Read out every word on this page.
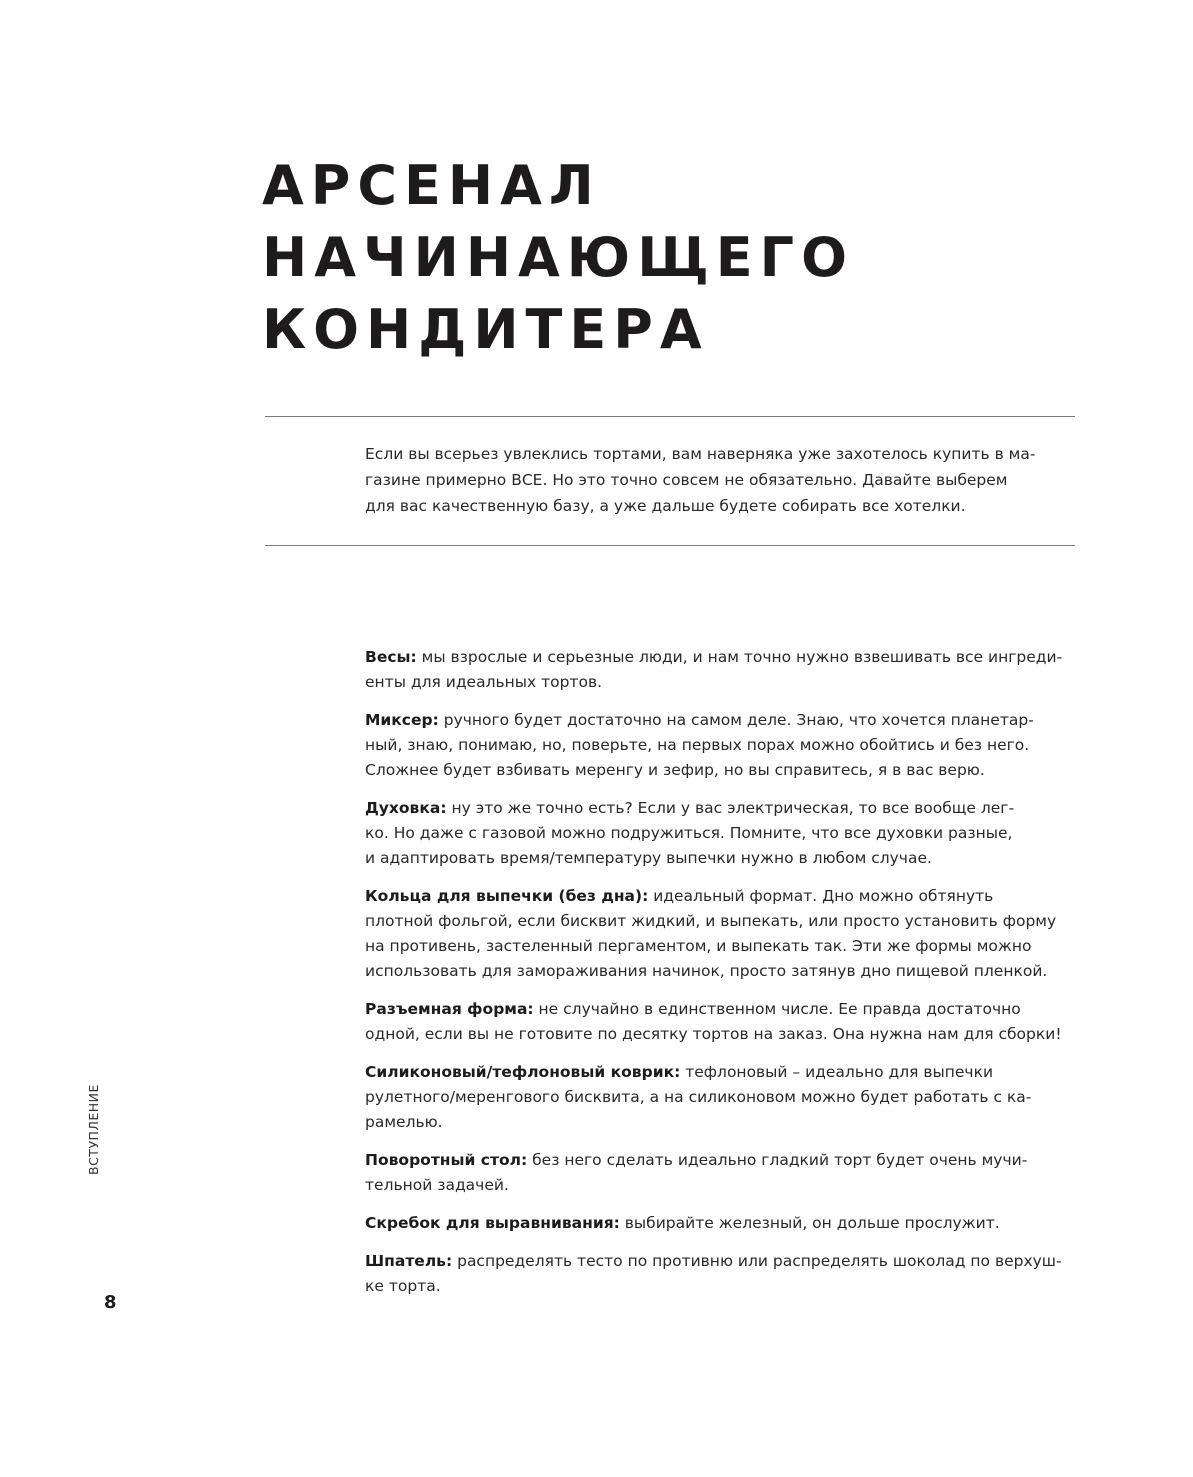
АРСЕНАЛ
НАЧИНАЮЩЕГО
КОНДИТЕРА

Если вы всерьез увлеклись тортами, вам наверняка уже захотелось купить в ма-
газине примерно ВСЕ. Но это точно совсем не обязательно. Давайте выберем
для вас качественную базу, а уже дальше будете собирать все хотелки.

Весы: мы взрослые и серьезные люди, и нам точно нужно взвешивать все ингреди-
енты для идеальных тортов.
Миксер: ручного будет достаточно на самом деле. Знаю, что хочется планетар-
ный, знаю, понимаю, но, поверьте, на первых порах можно обойтись и без него.
Сложнее будет взбивать меренгу и зефир, но вы справитесь, я в вас верю.
Духовка: ну это же точно есть? Если у вас электрическая, то все вообще лег-
ко. Но даже с газовой можно подружиться. Помните, что все духовки разные,
и адаптировать время/температуру выпечки нужно в любом случае.
Кольца для выпечки (без дна): идеальный формат. Дно можно обтянуть
плотной фольгой, если бисквит жидкий, и выпекать, или просто установить форму
на противень, застеленный пергаментом, и выпекать так. Эти же формы можно
использовать для замораживания начинок, просто затянув дно пищевой пленкой.
Разъемная форма: не случайно в единственном числе. Ее правда достаточно
одной, если вы не готовите по десятку тортов на заказ. Она нужна нам для сборки!
Силиконовый/тефлоновый коврик: тефлоновый – идеально для выпечки
рулетного/меренгового бисквита, а на силиконовом можно будет работать с ка-
рамелью.
Поворотный стол: без него сделать идеально гладкий торт будет очень мучи-
тельной задачей.
Скребок для выравнивания: выбирайте железный, он дольше прослужит.
Шпатель: распределять тесто по противню или распределять шоколад по верхуш-
ке торта.
ВСТУПЛЕНИЕ
8
